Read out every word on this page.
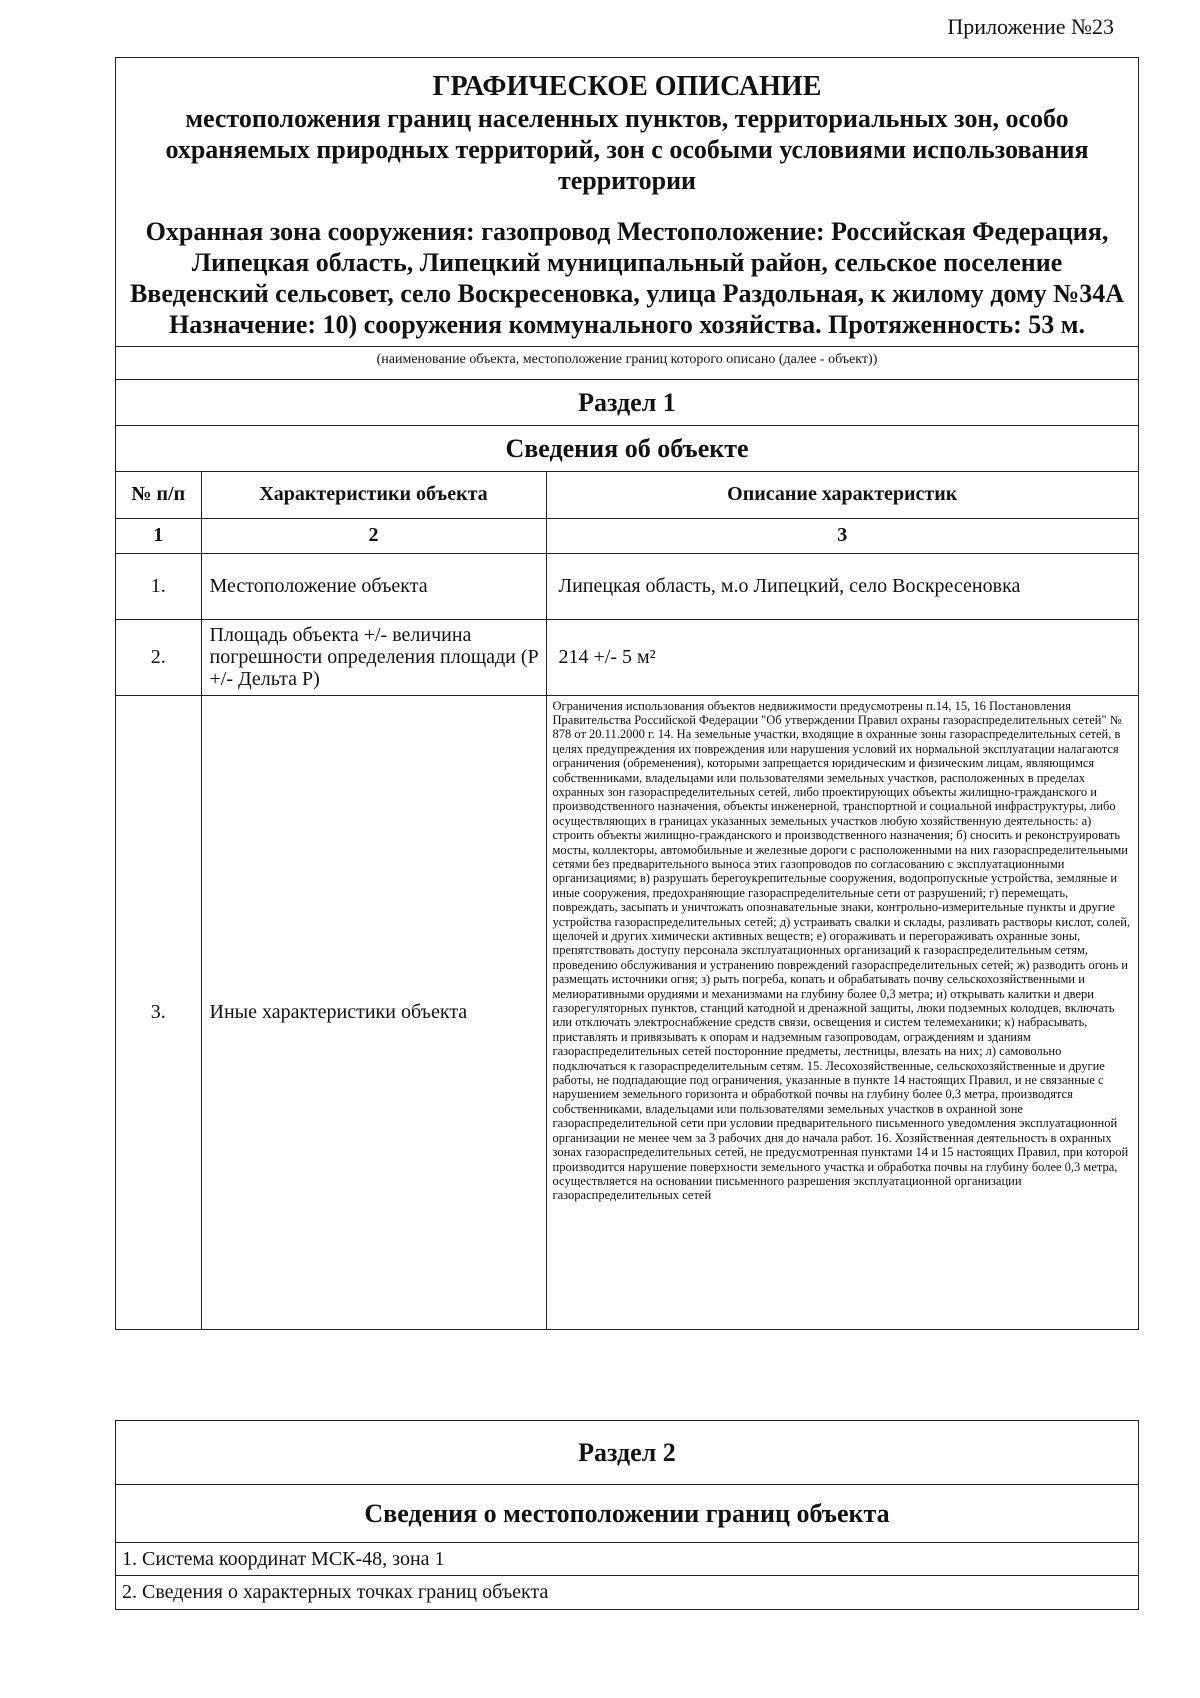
Приложение №23
ГРАФИЧЕСКОЕ ОПИСАНИЕ
местоположения границ населенных пунктов, территориальных зон, особо охраняемых природных территорий, зон с особыми условиями использования территории
Охранная зона сооружения: газопровод Местоположение: Российская Федерация, Липецкая область, Липецкий муниципальный район, сельское поселение Введенский сельсовет, село Воскресеновка, улица Раздольная, к жилому дому №34А Назначение: 10) сооружения коммунального хозяйства. Протяженность: 53 м.
(наименование объекта, местоположение границ которого описано (далее - объект))
Раздел 1
Сведения об объекте
№ п/п	Характеристики объекта	Описание характеристик
1	2	3
1.	Местоположение объекта	Липецкая область, м.о Липецкий, село Воскресеновка
2.	Площадь объекта +/- величина погрешности определения площади (Р +/- Дельта Р)	214 +/- 5 м²
3.	Иные характеристики объекта	Ограничения использования объектов недвижимости предусмотрены п.14, 15, 16 Постановления Правительства Российской Федерации "Об утверждении Правил охраны газораспределительных сетей" № 878 от 20.11.2000 г. 14. На земельные участки, входящие в охранные зоны газораспределительных сетей, в целях предупреждения их повреждения или нарушения условий их нормальной эксплуатации налагаются ограничения (обременения), которыми запрещается юридическим и физическим лицам, являющимся собственниками, владельцами или пользователями земельных участков, расположенных в пределах охранных зон газораспределительных сетей, либо проектирующих объекты жилищно-гражданского и производственного назначения, объекты инженерной, транспортной и социальной инфраструктуры, либо осуществляющих в границах указанных земельных участков любую хозяйственную деятельность: а) строить объекты жилищно-гражданского и производственного назначения; б) сносить и реконструировать мосты, коллекторы, автомобильные и железные дороги с расположенными на них газораспределительными сетями без предварительного выноса этих газопроводов по согласованию с эксплуатационными организациями; в) разрушать берегоукрепительные сооружения, водопропускные устройства, земляные и иные сооружения, предохраняющие газораспределительные сети от разрушений; г) перемещать, повреждать, засыпать и уничтожать опознавательные знаки, контрольно-измерительные пункты и другие устройства газораспределительных сетей; д) устраивать свалки и склады, разливать растворы кислот, солей, щелочей и других химически активных веществ; е) огораживать и перегораживать охранные зоны, препятствовать доступу персонала эксплуатационных организаций к газораспределительным сетям, проведению обслуживания и устранению повреждений газораспределительных сетей; ж) разводить огонь и размещать источники огня; з) рыть погреба, копать и обрабатывать почву сельскохозяйственными и мелиоративными орудиями и механизмами на глубину более 0,3 метра; и) открывать калитки и двери газорегуляторных пунктов, станций катодной и дренажной защиты, люки подземных колодцев, включать или отключать электроснабжение средств связи, освещения и систем телемеханики; к) набрасывать, приставлять и привязывать к опорам и надземным газопроводам, ограждениям и зданиям газораспределительных сетей посторонние предметы, лестницы, влезать на них; л) самовольно подключаться к газораспределительным сетям. 15. Лесохозяйственные, сельскохозяйственные и другие работы, не подпадающие под ограничения, указанные в пункте 14 настоящих Правил, и не связанные с нарушением земельного горизонта и обработкой почвы на глубину более 0,3 метра, производятся собственниками, владельцами или пользователями земельных участков в охранной зоне газораспределительной сети при условии предварительного письменного уведомления эксплуатационной организации не менее чем за 3 рабочих дня до начала работ. 16. Хозяйственная деятельность в охранных зонах газораспределительных сетей, не предусмотренная пунктами 14 и 15 настоящих Правил, при которой производится нарушение поверхности земельного участка и обработка почвы на глубину более 0,3 метра, осуществляется на основании письменного разрешения эксплуатационной организации газораспределительных сетей
Раздел 2
Сведения о местоположении границ объекта
1. Система координат МСК-48, зона 1
2. Сведения о характерных точках границ объекта
